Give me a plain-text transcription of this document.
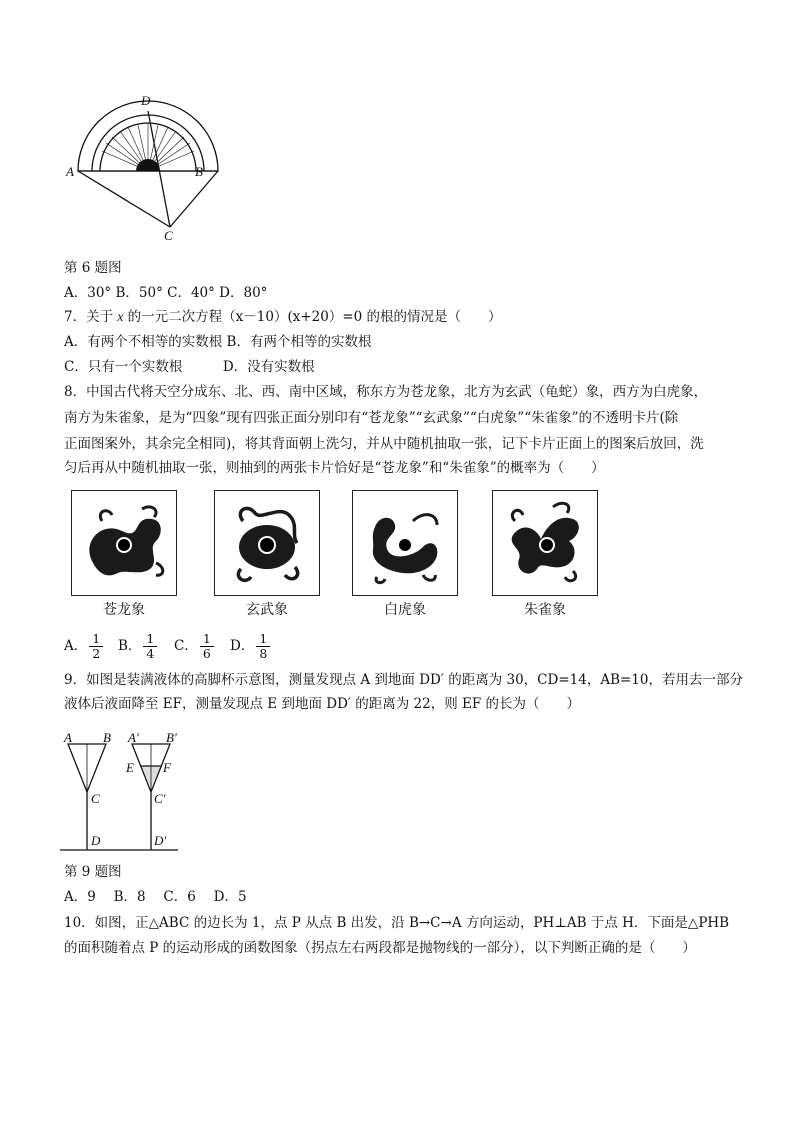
D
A	B
C
第 6 题图
A．30° B．50° C．40° D．80°
7．关于 x 的一元二次方程（x－10）(x+20）=0 的根的情况是（　　）
A．有两个不相等的实数根 B．有两个相等的实数根
C．只有一个实数根　　　D．没有实数根
8．中国古代将天空分成东、北、西、南中区域，称东方为苍龙象，北方为玄武（龟蛇）象，西方为白虎象，
南方为朱雀象，是为“四象”现有四张正面分别印有“苍龙象”“玄武象”“白虎象”“朱雀象”的不透明卡片(除
正面图案外，其余完全相同)，将其背面朝上洗匀，并从中随机抽取一张，记下卡片正面上的图案后放回，洗
匀后再从中随机抽取一张，则抽到的两张卡片恰好是“苍龙象”和“朱雀象”的概率为（　　）
苍龙象	玄武象	白虎象	朱雀象
A． $\frac{1}{2}$ B． $\frac{1}{4}$ C． $\frac{1}{6}$ D． $\frac{1}{8}$
9．如图是装满液体的高脚杯示意图，测量发现点 A 到地面 DD′ 的距离为 30，CD=14，AB=10，若用去一部分
液体后液面降至 EF，测量发现点 E 到地面 DD′ 的距离为 22，则 EF 的长为（　　）
A B
C
D
A′ B′
E F
C′
D′
第 9 题图
A．9　 B．8　 C．6　 D．5
10．如图，正△ABC 的边长为 1，点 P 从点 B 出发，沿 B→C→A 方向运动，PH⊥AB 于点 H．下面是△PHB
的面积随着点 P 的运动形成的函数图象（拐点左右两段都是抛物线的一部分），以下判断正确的是（　　）
